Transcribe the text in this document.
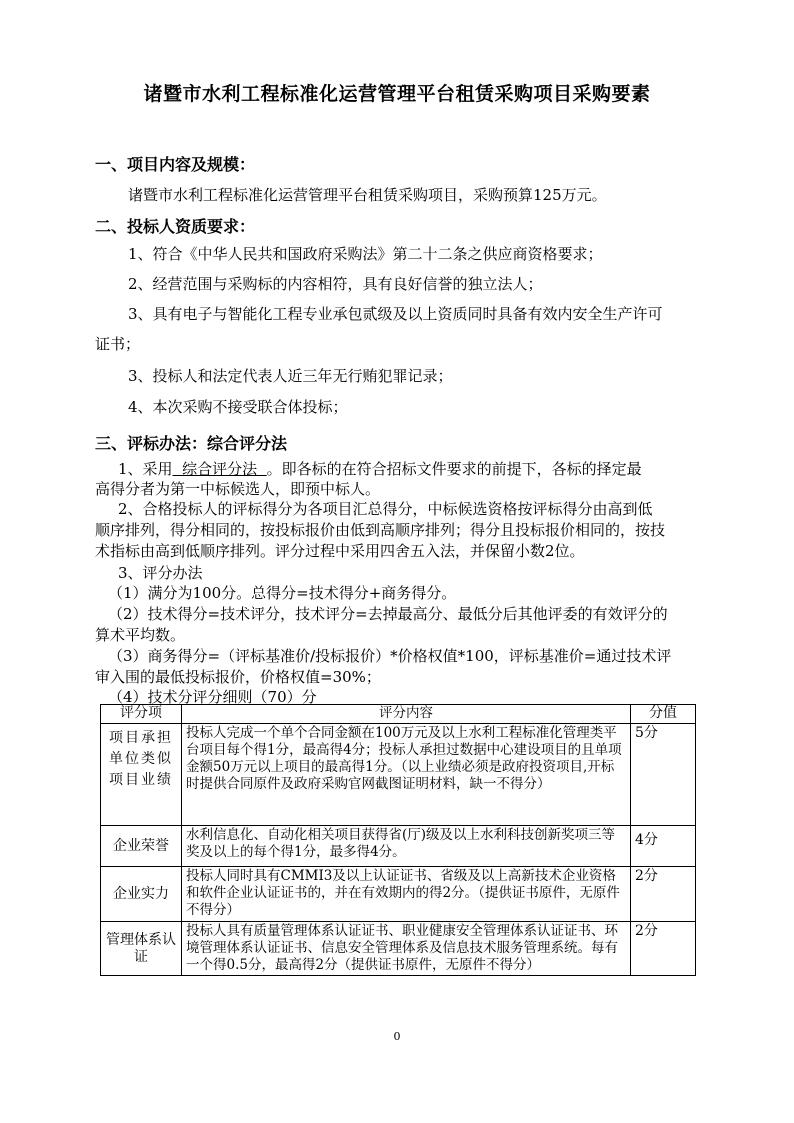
诸暨市水利工程标准化运营管理平台租赁采购项目采购要素
一、项目内容及规模：
诸暨市水利工程标准化运营管理平台租赁采购项目，采购预算125万元。
二、投标人资质要求：
1、符合《中华人民共和国政府采购法》第二十二条之供应商资格要求；
2、经营范围与采购标的内容相符，具有良好信誉的独立法人；
3、具有电子与智能化工程专业承包贰级及以上资质同时具备有效内安全生产许可
证书；
3、投标人和法定代表人近三年无行贿犯罪记录；
4、本次采购不接受联合体投标；
三、评标办法：综合评分法
1、采用  综合评分法  。即各标的在符合招标文件要求的前提下，各标的择定最
高得分者为第一中标候选人，即预中标人。
2、合格投标人的评标得分为各项目汇总得分，中标候选资格按评标得分由高到低
顺序排列，得分相同的，按投标报价由低到高顺序排列；得分且投标报价相同的，按技
术指标由高到低顺序排列。评分过程中采用四舍五入法，并保留小数2位。
3、评分办法
（1）满分为100分。总得分=技术得分+商务得分。
（2）技术得分=技术评分，技术评分=去掉最高分、最低分后其他评委的有效评分的
算术平均数。
（3）商务得分=（评标基准价/投标报价）*价格权值*100，评标基准价=通过技术评
审入围的最低投标报价，价格权值=30%；
（4）技术分评分细则（70）分
评分项	评分内容	分值
项目承担单位类似项目业绩	投标人完成一个单个合同金额在100万元及以上水利工程标准化管理类平台项目每个得1分，最高得4分；投标人承担过数据中心建设项目的且单项金额50万元以上项目的最高得1分。（以上业绩必须是政府投资项目,开标时提供合同原件及政府采购官网截图证明材料，缺一不得分）	5分
企业荣誉	水利信息化、自动化相关项目获得省(厅)级及以上水利科技创新奖项三等奖及以上的每个得1分，最多得4分。	4分
企业实力	投标人同时具有CMMI3及以上认证证书、省级及以上高新技术企业资格和软件企业认证证书的，并在有效期内的得2分。（提供证书原件，无原件不得分）	2分
管理体系认证	投标人具有质量管理体系认证证书、职业健康安全管理体系认证证书、环境管理体系认证证书、信息安全管理体系及信息技术服务管理系统。每有一个得0.5分，最高得2分（提供证书原件，无原件不得分）	2分
0
